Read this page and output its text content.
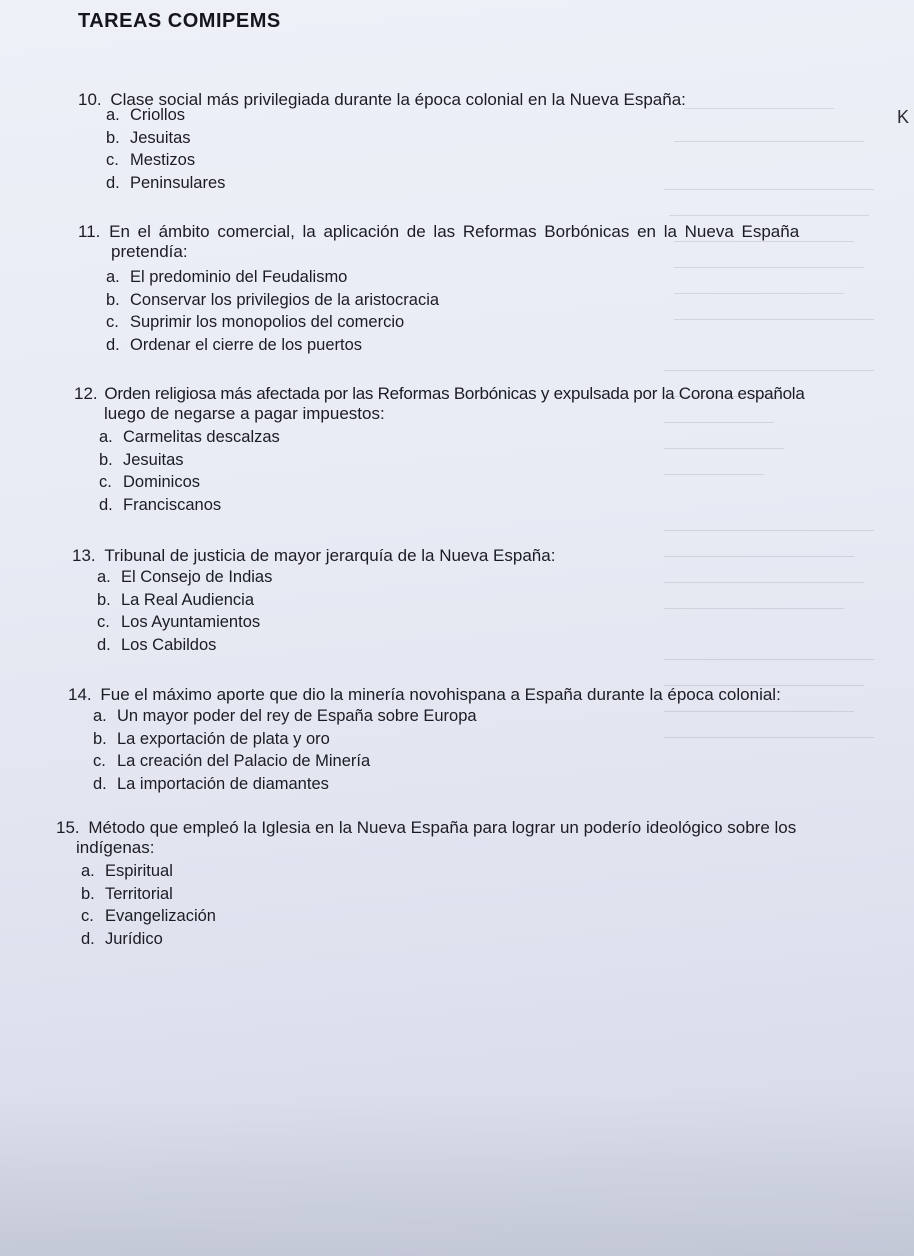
TAREAS COMIPEMS
K
10. Clase social más privilegiada durante la época colonial en la Nueva España:
a. Criollos
b. Jesuitas
c. Mestizos
d. Peninsulares
11. En el ámbito comercial, la aplicación de las Reformas Borbónicas en la Nueva España
pretendía:
a. El predominio del Feudalismo
b. Conservar los privilegios de la aristocracia
c. Suprimir los monopolios del comercio
d. Ordenar el cierre de los puertos
12. Orden religiosa más afectada por las Reformas Borbónicas y expulsada por la Corona española
luego de negarse a pagar impuestos:
a. Carmelitas descalzas
b. Jesuitas
c. Dominicos
d. Franciscanos
13. Tribunal de justicia de mayor jerarquía de la Nueva España:
a. El Consejo de Indias
b. La Real Audiencia
c. Los Ayuntamientos
d. Los Cabildos
14. Fue el máximo aporte que dio la minería novohispana a España durante la época colonial:
a. Un mayor poder del rey de España sobre Europa
b. La exportación de plata y oro
c. La creación del Palacio de Minería
d. La importación de diamantes
15. Método que empleó la Iglesia en la Nueva España para lograr un poderío ideológico sobre los
indígenas:
a. Espiritual
b. Territorial
c. Evangelización
d. Jurídico
